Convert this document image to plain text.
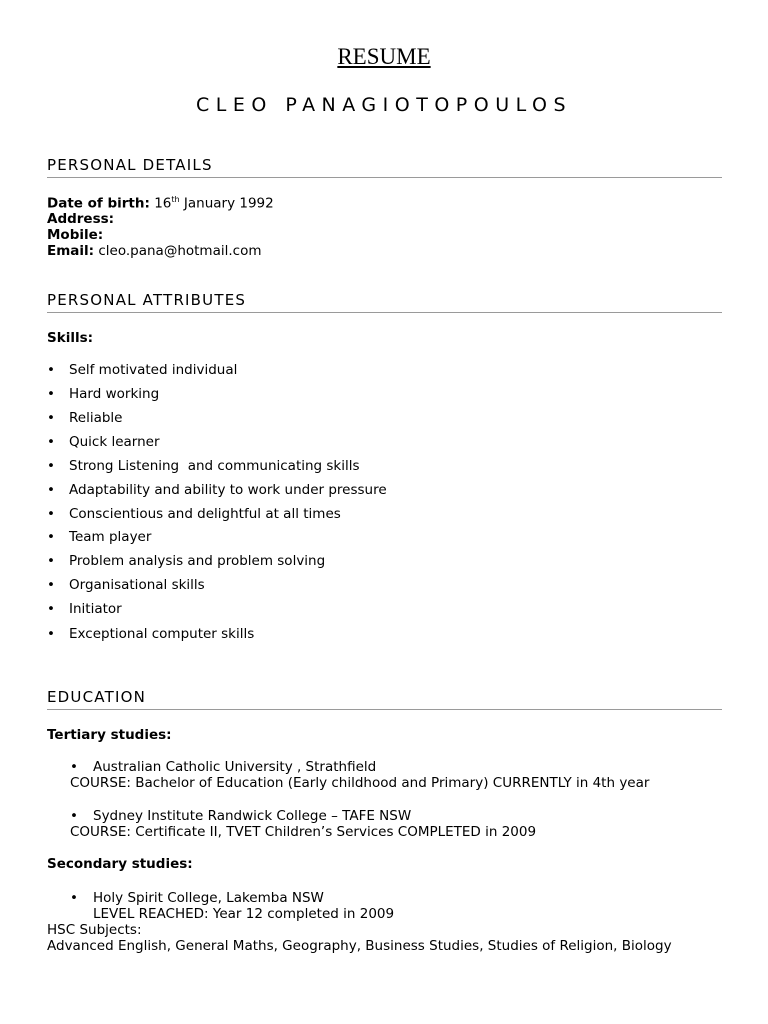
RESUME
CLEO PANAGIOTOPOULOS
PERSONAL DETAILS
Date of birth: 16th January 1992
Address:
Mobile:
Email: cleo.pana@hotmail.com
PERSONAL ATTRIBUTES
Skills:
• Self motivated individual
• Hard working
• Reliable
• Quick learner
• Strong Listening  and communicating skills
• Adaptability and ability to work under pressure
• Conscientious and delightful at all times
• Team player
• Problem analysis and problem solving
• Organisational skills
• Initiator
• Exceptional computer skills
EDUCATION
Tertiary studies:
• Australian Catholic University , Strathfield
COURSE: Bachelor of Education (Early childhood and Primary) CURRENTLY in 4th year
• Sydney Institute Randwick College – TAFE NSW
COURSE: Certificate II, TVET Children’s Services COMPLETED in 2009
Secondary studies:
• Holy Spirit College, Lakemba NSW
LEVEL REACHED: Year 12 completed in 2009
HSC Subjects:
Advanced English, General Maths, Geography, Business Studies, Studies of Religion, Biology
